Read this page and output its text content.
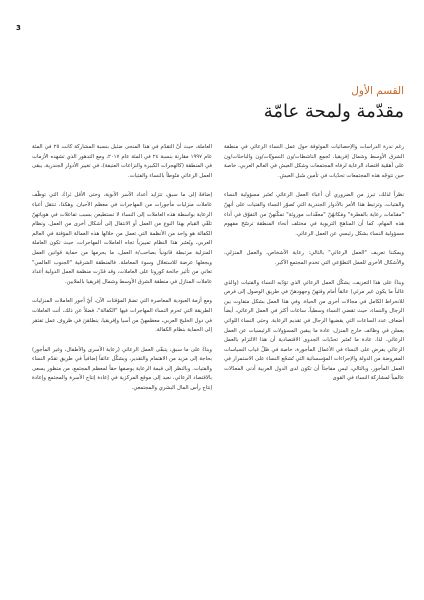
3
القسم الأول
مقدّمة ولمحة عامّة

رغم ندرة الدراسات والإحصائيات الموثوقة حول عمل النساء الرعائي في منطقة الشرق الأوسط وشمال إفريقيا، تُجمِع الناشطات/ون النسويّات/ون والباحثات/ون على أهمّية اقتصاد الرعاية لرفاه المجتمعات وشكل العيش في العالم العربي، خاصة حين نتوجّه هذه المجتمعات تحدّيات في تأمين سُبل العيش.

نظراً لذلك، تبرز من الضروري أن أعباء العمل الرعائي تُعتَبر مسؤولية النساء والفتيات، وترتبط هذا الأمر بالأدوار الجندرية التي تُصوّر النساء والفتيات على أنهنّ "مقدّمات رعاية بالفطرة" ومَكانهُنّ "معقّدات موروثة" تمكّنهنّ من التفوّق في أداء هذه المهام، كما أن المناهج التربوية في مختلف أنحاء المنطقة ترسّخ مفهوم مسؤولية النساء بشكل رئيسي عن العمل الرعائي.

ويمكننا تعريف "العمل الرعائي" بالتالي: رعاية الأشخاص، والعمل المنزلي، والأشكال الأخرى للعمل التطوّعي التي تخدم المجتمع الأكبر.

وبناءً على هذا التعريف، يشكّل العمل الرعائي الذي تؤدّيه النساء والفتيات (والذي غالباً ما يكون غير مرئي) عائقاً أمام وقتهنّ وجهودهنّ في طريق الوصول إلى فرص للانخراط الكامل في مجالات أخرى من الحياة. وفي هذا العمل بشكل متفاوت بين الرجال والنساء، حيث تقضي النساء وسطياً، ساعات أكثر في العمل الرعائي، أيضاً أضعاف عدد الساعات التي يقضيها الرجال في تقديم الرعاية. وحتى النساء اللواتي يعملن في وظائف خارج المنزل، عادة ما يبقين المسؤولات الرئيسيات عن العمل الرعائي. لذا، عادة ما تُعتَبر تحدّيات الجدوى الاقتصادية أن هذا الالتزام بالعمل الرعائي يفرض على النساء في الأعمال المأجورة، خاصة في ظلّ غياب السياسات المفروضة من الدولة والإجراءات المؤسساتية التي تُشجّع النساء على الاستمرار في العمل المأجور، وبالتالي، ليس مفاجئاً أن تكون لدى الدول العربية أدنى المعدّلات عالمياً لمشاركة النساء في القوى

العاملة، حيث أنّ التقدّم في هذا المنحى ضئيل بنسبة المشاركة كانت ٢٥ في المئة عام ١٩٩٧ مقارنة بنسبة ٢٤ في المئة عام ٢٠١٧، ومع التدهور الذي تشهده الأزمات في المنطقة (كالهجرات الكبيرة والنزاعات العنيفة)، في تغيير الأدوار الجندرية، يبقى العمل الرعائي مَنُوطاً بالنساء والفتيات.

إضافةً إلى ما سبق، تتزايد أعداد الأسر الأبوية، وحتى الأقل ثراءً، التي توظّف عاملات منزليات مأجورات من المهاجرات في معظم الأحيان. وهكذا، تنتقل أعباء الرعاية بواسطة هذه العاملات إلى النساء لا تستطيعن بسبب تفاعلات في هوياتهنّ تلقّي القيام بهذا النوع من العمل أو الانتقال إلى أشكال أخرى من العمل. ونظام الكفالة هو واحد من الأنظمة التي تعمل من خلالها هذه العمالة المؤقتة في العالم العربي، ويُعتَبر هذا النظام تمييزياً تجاه العاملات المهاجرات، حيث تكون العاملة المنزلية مرتبطة قانونياً بصاحب/ة العمل، ما يحرمها من حماية قوانين العمل ويجعلها عرضة للاستغلال وسوء المعاملة. فالمنطقة الشرقية "الجنوب العالمي" تعاني من تأثير جائحة كورونا على العاملات، وقد قدّرت منظمة العمل الدولية أعداد عاملات المنازل في منطقة الشرق الأوسط وشمال إفريقيا بالملايين.

ومع أزمة العبودية المعاصرة التي تضمّ المؤقتات الآن، أيّ أجور العاملات المنزليات الطريقة التي تَحرم النساء المهاجرات فيها "الكفالة"، فضلاً عن ذلك، أتت العاملات في دول الخليج العربي، معظمهنّ من آسيا وإفريقيا، ينطلقنَ في ظروف عمل تفتقر إلى الحماية بنظام الكفالة.

وبناءً على ما سبق، يتبقّى العمل الرعائي (رعاية الأسرى والأطفال، وغير المأجور) بحاجة إلى مزيد من الاهتمام والتقدير، ويشكّل عائقاً إضافياً في طريق تقدّم النساء والفتيات. وبالنظر إلى قيمة الرعاية بوصفها حقاً لمعظم المجتمع، من منظور يسعى بالاقتصاد الرعائي، نعيد إلى موقع المركزية في إعادة إنتاج الأسرة والمجتمع وإعادة إنتاج رأس المال البشري والمجتمعي.
